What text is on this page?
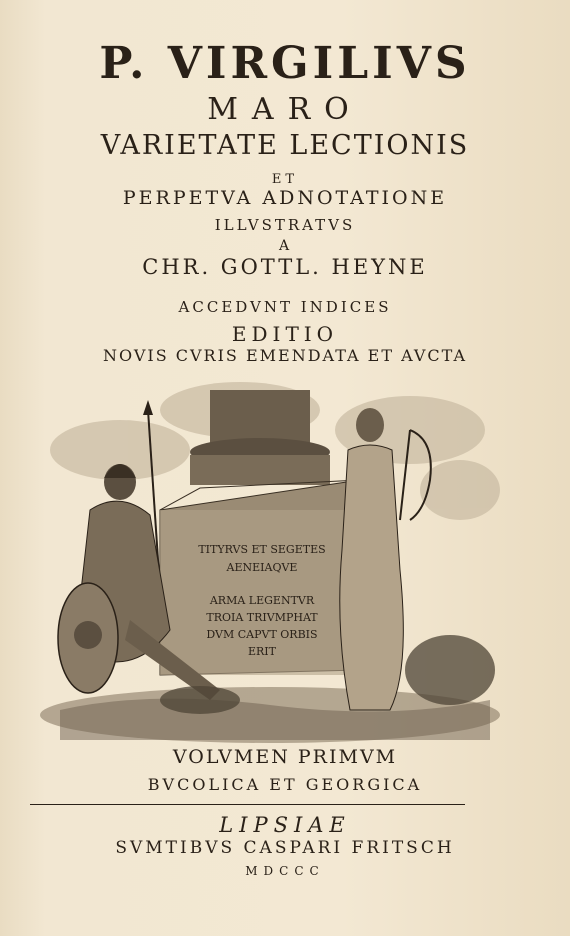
P. VIRGILIVS
MARO
VARIETATE LECTIONIS
ET
PERPETVA ADNOTATIONE
ILLVSTRATVS
A
CHR. GOTTL. HEYNE
ACCEDVNT INDICES
EDITIO
NOVIS CVRIS EMENDATA ET AVCTA
TITYRVS ET SEGETES
AENEIAQVE
ARMA LEGENTVR
TROIA TRIVMPHAT
DVM CAPVT ORBIS
ERIT
VOLVMEN PRIMVM
BVCOLICA ET GEORGICA
LIPSIAE
SVMTIBVS CASPARI FRITSCH
MDCCC
